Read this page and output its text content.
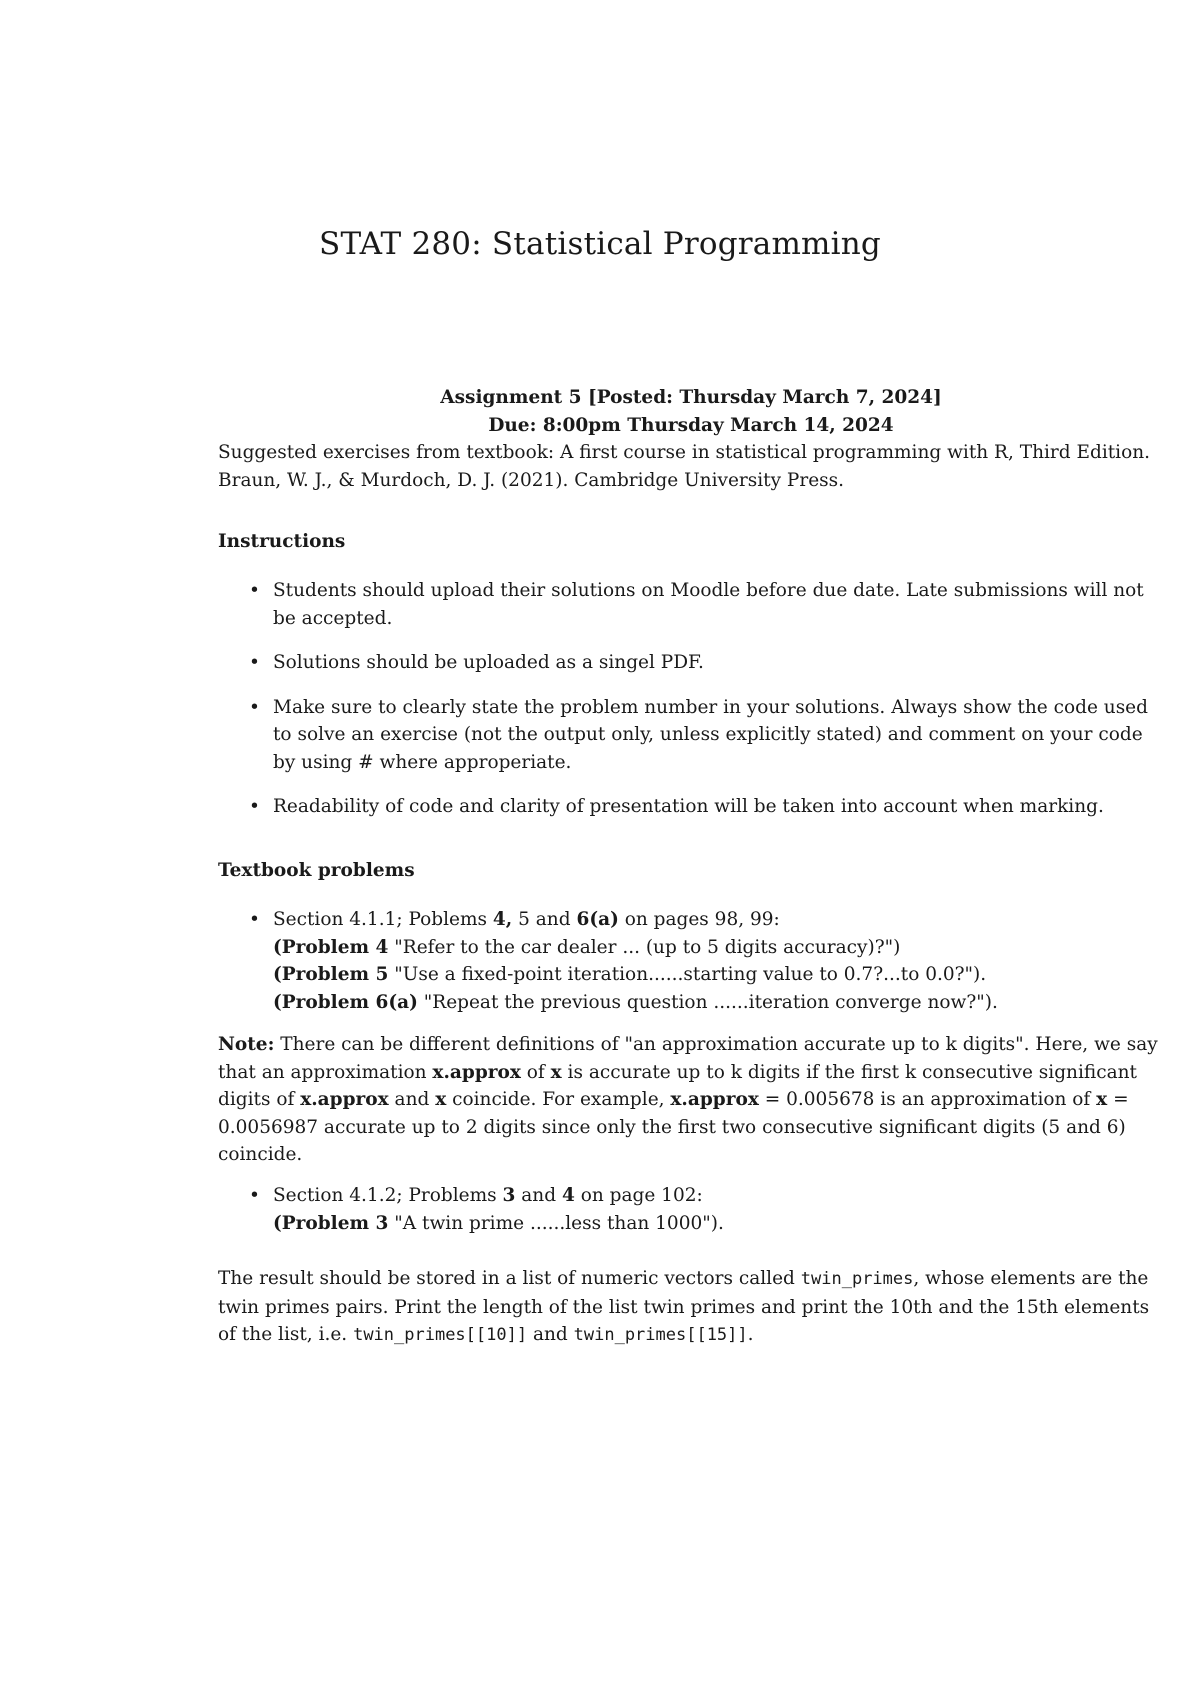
STAT 280: Statistical Programming
Assignment 5 [Posted: Thursday March 7, 2024]
Due: 8:00pm Thursday March 14, 2024
Suggested exercises from textbook: A first course in statistical programming with R, Third Edition. Braun, W. J., & Murdoch, D. J. (2021). Cambridge University Press.
Instructions
• Students should upload their solutions on Moodle before due date. Late submissions will not be accepted.
• Solutions should be uploaded as a singel PDF.
• Make sure to clearly state the problem number in your solutions. Always show the code used to solve an exercise (not the output only, unless explicitly stated) and comment on your code by using # where approperiate.
• Readability of code and clarity of presentation will be taken into account when marking.
Textbook problems
• Section 4.1.1; Poblems 4, 5 and 6(a) on pages 98, 99:
(Problem 4 "Refer to the car dealer ... (up to 5 digits accuracy)?")
(Problem 5 "Use a fixed-point iteration......starting value to 0.7?...to 0.0?").
(Problem 6(a) "Repeat the previous question ......iteration converge now?").
Note: There can be different definitions of "an approximation accurate up to k digits". Here, we say that an approximation x.approx of x is accurate up to k digits if the first k consecutive significant digits of x.approx and x coincide. For example, x.approx = 0.005678 is an approximation of x = 0.0056987 accurate up to 2 digits since only the first two consecutive significant digits (5 and 6) coincide.
• Section 4.1.2; Problems 3 and 4 on page 102:
(Problem 3 "A twin prime ......less than 1000").
The result should be stored in a list of numeric vectors called twin_primes, whose elements are the twin primes pairs. Print the length of the list twin primes and print the 10th and the 15th elements of the list, i.e. twin_primes[[10]] and twin_primes[[15]].
